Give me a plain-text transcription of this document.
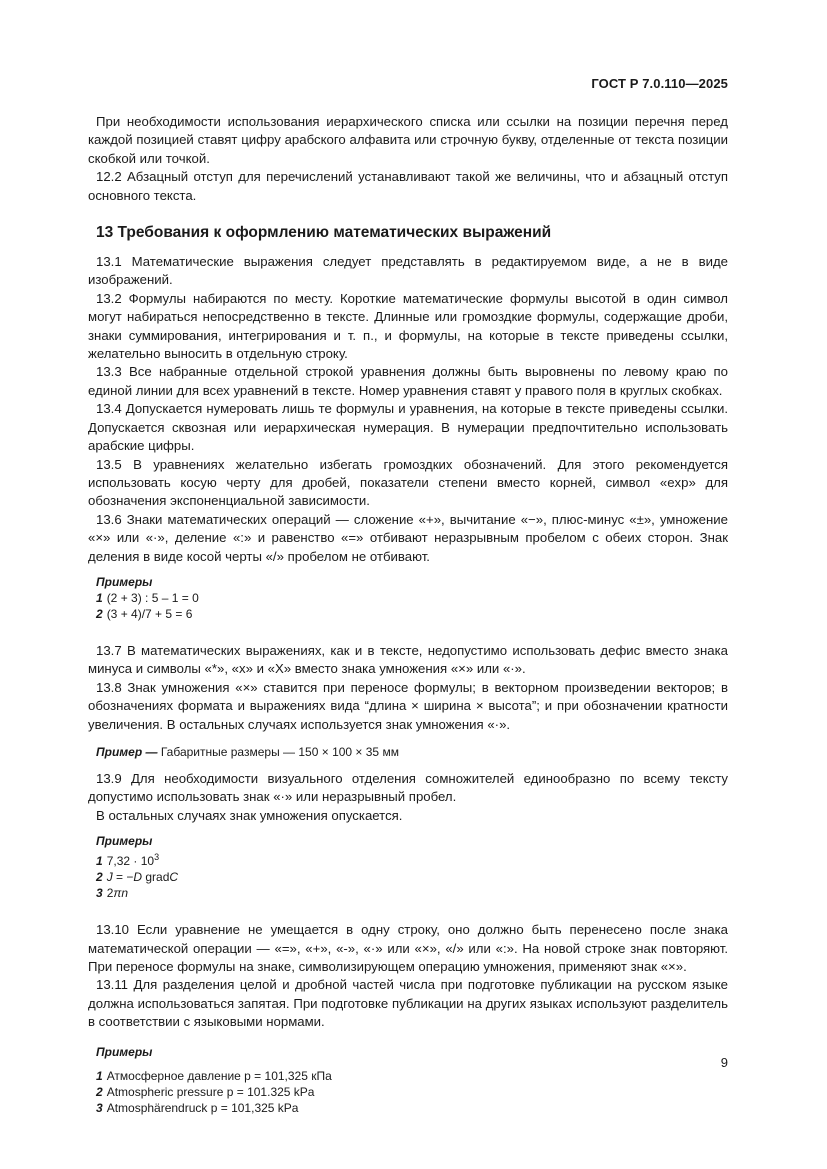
ГОСТ Р 7.0.110—2025

При необходимости использования иерархического списка или ссылки на позиции перечня перед каждой позицией ставят цифру арабского алфавита или строчную букву, отделенные от текста позиции скобкой или точкой.

12.2 Абзацный отступ для перечислений устанавливают такой же величины, что и абзацный отступ основного текста.

13 Требования к оформлению математических выражений

13.1 Математические выражения следует представлять в редактируемом виде, а не в виде изображений.

13.2 Формулы набираются по месту. Короткие математические формулы высотой в один символ могут набираться непосредственно в тексте. Длинные или громоздкие формулы, содержащие дроби, знаки суммирования, интегрирования и т. п., и формулы, на которые в тексте приведены ссылки, желательно выносить в отдельную строку.

13.3 Все набранные отдельной строкой уравнения должны быть выровнены по левому краю по единой линии для всех уравнений в тексте. Номер уравнения ставят у правого поля в круглых скобках.

13.4 Допускается нумеровать лишь те формулы и уравнения, на которые в тексте приведены ссылки. Допускается сквозная или иерархическая нумерация. В нумерации предпочтительно использовать арабские цифры.

13.5 В уравнениях желательно избегать громоздких обозначений. Для этого рекомендуется использовать косую черту для дробей, показатели степени вместо корней, символ «exp» для обозначения экспоненциальной зависимости.

13.6 Знаки математических операций — сложение «+», вычитание «−», плюс-минус «±», умножение «×» или «·», деление «:» и равенство «=» отбивают неразрывным пробелом с обеих сторон. Знак деления в виде косой черты «/» пробелом не отбивают.

Примеры
1 (2 + 3) : 5 – 1 = 0
2 (3 + 4)/7 + 5 = 6

13.7 В математических выражениях, как и в тексте, недопустимо использовать дефис вместо знака минуса и символы «*», «x» и «X» вместо знака умножения «×» или «·».

13.8 Знак умножения «×» ставится при переносе формулы; в векторном произведении векторов; в обозначениях формата и выражениях вида “длина × ширина × высота”; и при обозначении кратности увеличения. В остальных случаях используется знак умножения «·».

Пример — Габаритные размеры — 150 × 100 × 35 мм

13.9 Для необходимости визуального отделения сомножителей единообразно по всему тексту допустимо использовать знак «·» или неразрывный пробел.

В остальных случаях знак умножения опускается.

Примеры
1 $7,32 \cdot 10^3$
2 J = −D gradC
3 2πn

13.10 Если уравнение не умещается в одну строку, оно должно быть перенесено после знака математической операции — «=», «+», «-», «·» или «×», «/» или «:». На новой строке знак повторяют. При переносе формулы на знаке, символизирующем операцию умножения, применяют знак «×».

13.11 Для разделения целой и дробной частей числа при подготовке публикации на русском языке должна использоваться запятая. При подготовке публикации на других языках используют разделитель в соответствии с языковыми нормами.

Примеры
1 Атмосферное давление p = 101,325 кПа
2 Atmospheric pressure p = 101.325 kPa
3 Atmosphärendruck p = 101,325 kPa
9
